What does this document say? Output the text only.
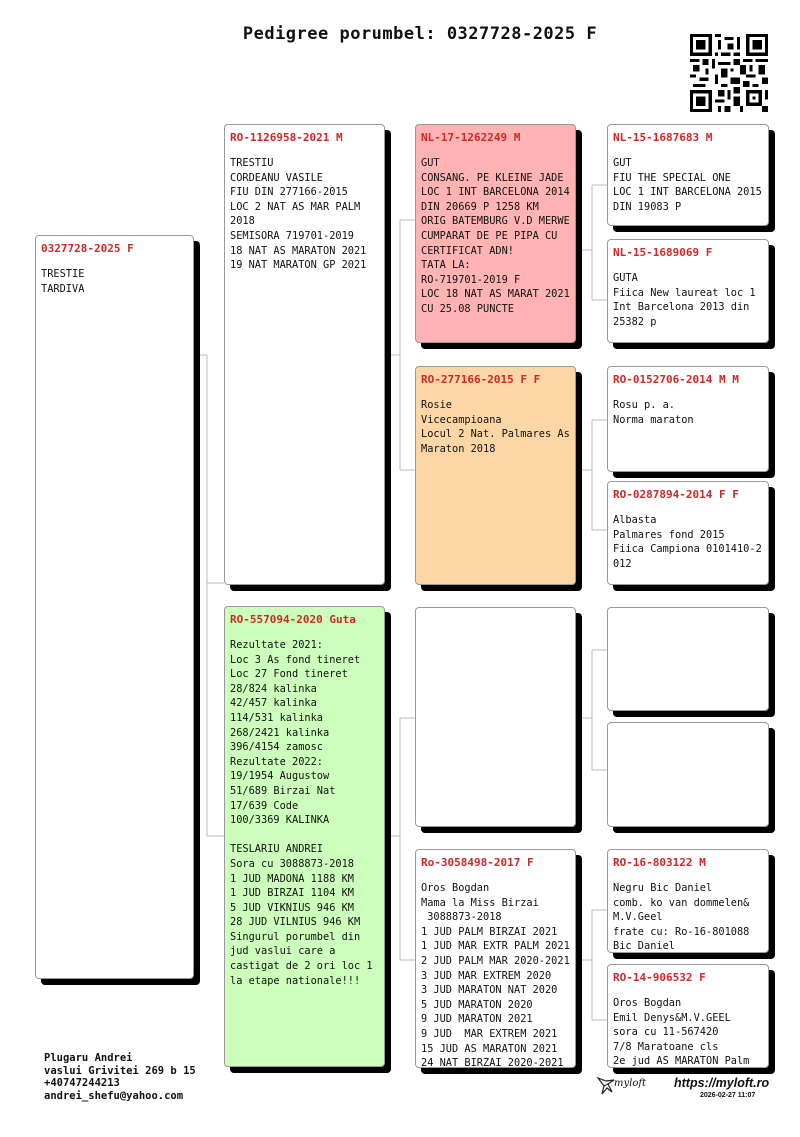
Pedigree porumbel: 0327728-2025 F
0327728-2025 F
TRESTIE
TARDIVA
RO-1126958-2021 M
TRESTIU
CORDEANU VASILE
FIU DIN 277166-2015
LOC 2 NAT AS MAR PALM
2018
SEMISORA 719701-2019
18 NAT AS MARATON 2021
19 NAT MARATON GP 2021
RO-557094-2020 Guta
Rezultate 2021:
Loc 3 As fond tineret
Loc 27 Fond tineret
28/824 kalinka
42/457 kalinka
114/531 kalinka
268/2421 kalinka
396/4154 zamosc
Rezultate 2022:
19/1954 Augustow
51/689 Birzai Nat
17/639 Code
100/3369 KALINKA

TESLARIU ANDREI
Sora cu 3088873-2018
1 JUD MADONA 1188 KM
1 JUD BIRZAI 1104 KM
5 JUD VIKNIUS 946 KM
28 JUD VILNIUS 946 KM
Singurul porumbel din
jud vaslui care a
castigat de 2 ori loc 1
la etape nationale!!!
NL-17-1262249 M
GUT
CONSANG. PE KLEINE JADE
LOC 1 INT BARCELONA 2014
DIN 20669 P 1258 KM
ORIG BATEMBURG V.D MERWE
CUMPARAT DE PE PIPA CU
CERTIFICAT ADN!
TATA LA:
RO-719701-2019 F
LOC 18 NAT AS MARAT 2021
CU 25.08 PUNCTE
RO-277166-2015 F F
Rosie
Vicecampioana
Locul 2 Nat. Palmares As
Maraton 2018
Ro-3058498-2017 F
Oros Bogdan
Mama la Miss Birzai
3088873-2018
1 JUD PALM BIRZAI 2021
1 JUD MAR EXTR PALM 2021
2 JUD PALM MAR 2020-2021
3 JUD MAR EXTREM 2020
3 JUD MARATON NAT 2020
5 JUD MARATON 2020
9 JUD MARATON 2021
9 JUD  MAR EXTREM 2021
15 JUD AS MARATON 2021
24 NAT BIRZAI 2020-2021
NL-15-1687683 M
GUT
FIU THE SPECIAL ONE
LOC 1 INT BARCELONA 2015
DIN 19083 P
NL-15-1689069 F
GUTA
Fiica New laureat loc 1
Int Barcelona 2013 din
25382 p
RO-0152706-2014 M M
Rosu p. a.
Norma maraton
RO-0287894-2014 F F
Albasta
Palmares fond 2015
Fiica Campiona 0101410-2
012
RO-16-803122 M
Negru Bic Daniel
comb. ko van dommelen&
M.V.Geel
frate cu: Ro-16-801088
Bic Daniel
RO-14-906532 F
Oros Bogdan
Emil Denys&M.V.GEEL
sora cu 11-567420
7/8 Maratoane cls
2e jud AS MARATON Palm
Plugaru Andrei
vaslui Grivitei 269 b 15
+40747244213
andrei_shefu@yahoo.com
myloft https://myloft.ro
2026-02-27 11:07
